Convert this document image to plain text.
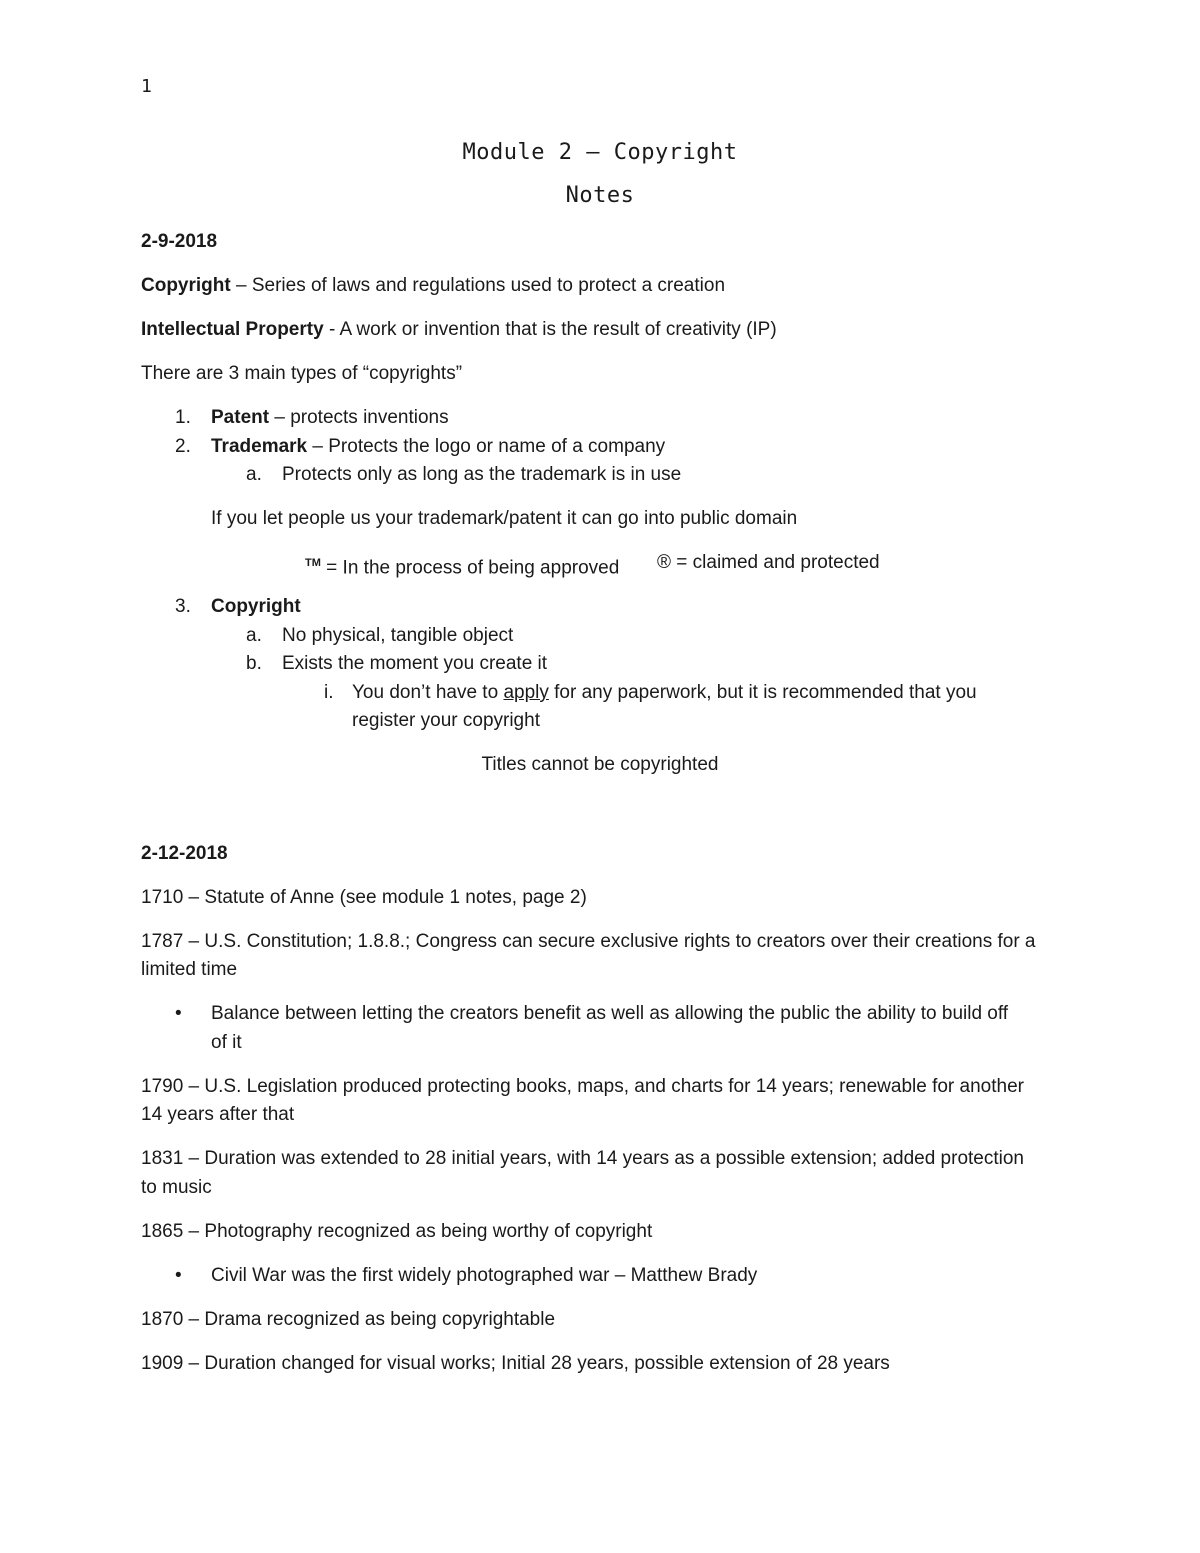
1
Module 2 – Copyright
Notes
2-9-2018
Copyright – Series of laws and regulations used to protect a creation
Intellectual Property - A work or invention that is the result of creativity (IP)
There are 3 main types of “copyrights”
1. Patent – protects inventions
2. Trademark – Protects the logo or name of a company
a. Protects only as long as the trademark is in use
If you let people us your trademark/patent it can go into public domain
™ = In the process of being approved ® = claimed and protected
3. Copyright
a. No physical, tangible object
b. Exists the moment you create it
i. You don’t have to apply for any paperwork, but it is recommended that you
register your copyright
Titles cannot be copyrighted
2-12-2018
1710 – Statute of Anne (see module 1 notes, page 2)
1787 – U.S. Constitution; 1.8.8.; Congress can secure exclusive rights to creators over their creations for a
limited time
• Balance between letting the creators benefit as well as allowing the public the ability to build off
of it
1790 – U.S. Legislation produced protecting books, maps, and charts for 14 years; renewable for another
14 years after that
1831 – Duration was extended to 28 initial years, with 14 years as a possible extension; added protection
to music
1865 – Photography recognized as being worthy of copyright
• Civil War was the first widely photographed war – Matthew Brady
1870 – Drama recognized as being copyrightable
1909 – Duration changed for visual works; Initial 28 years, possible extension of 28 years
